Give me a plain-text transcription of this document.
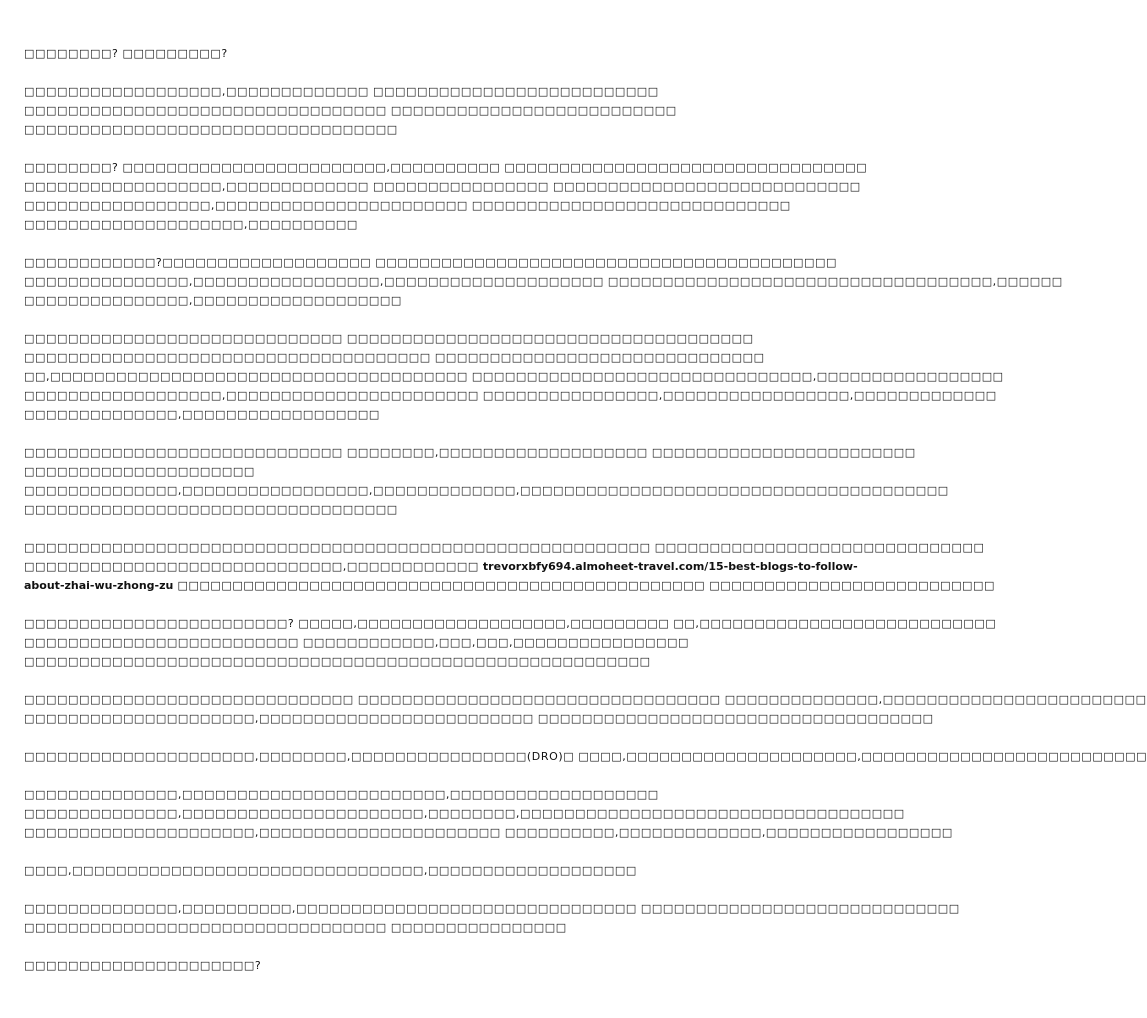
□□□□□□□□? □□□□□□□□□?

□□□□□□□□□□□□□□□□□□,□□□□□□□□□□□□□ □□□□□□□□□□□□□□□□□□□□□□□□□□
□□□□□□□□□□□□□□□□□□□□□□□□□□□□□□□□□ □□□□□□□□□□□□□□□□□□□□□□□□□□
□□□□□□□□□□□□□□□□□□□□□□□□□□□□□□□□□□

□□□□□□□□? □□□□□□□□□□□□□□□□□□□□□□□□,□□□□□□□□□□ □□□□□□□□□□□□□□□□□□□□□□□□□□□□□□□□□
□□□□□□□□□□□□□□□□□□,□□□□□□□□□□□□□ □□□□□□□□□□□□□□□□ □□□□□□□□□□□□□□□□□□□□□□□□□□□□
□□□□□□□□□□□□□□□□□,□□□□□□□□□□□□□□□□□□□□□□□ □□□□□□□□□□□□□□□□□□□□□□□□□□□□□
□□□□□□□□□□□□□□□□□□□□,□□□□□□□□□□

□□□□□□□□□□□□?□□□□□□□□□□□□□□□□□□□ □□□□□□□□□□□□□□□□□□□□□□□□□□□□□□□□□□□□□□□□□□
□□□□□□□□□□□□□□□,□□□□□□□□□□□□□□□□□,□□□□□□□□□□□□□□□□□□□□ □□□□□□□□□□□□□□□□□□□□□□□□□□□□□□□□□□□,□□□□□□
□□□□□□□□□□□□□□□,□□□□□□□□□□□□□□□□□□□

□□□□□□□□□□□□□□□□□□□□□□□□□□□□□ □□□□□□□□□□□□□□□□□□□□□□□□□□□□□□□□□□□□□
□□□□□□□□□□□□□□□□□□□□□□□□□□□□□□□□□□□□□ □□□□□□□□□□□□□□□□□□□□□□□□□□□□□□
□□,□□□□□□□□□□□□□□□□□□□□□□□□□□□□□□□□□□□□□□ □□□□□□□□□□□□□□□□□□□□□□□□□□□□□□□,□□□□□□□□□□□□□□□□□
□□□□□□□□□□□□□□□□□□,□□□□□□□□□□□□□□□□□□□□□□□ □□□□□□□□□□□□□□□□,□□□□□□□□□□□□□□□□□,□□□□□□□□□□□□□
□□□□□□□□□□□□□□,□□□□□□□□□□□□□□□□□□

□□□□□□□□□□□□□□□□□□□□□□□□□□□□□ □□□□□□□□,□□□□□□□□□□□□□□□□□□□ □□□□□□□□□□□□□□□□□□□□□□□□
□□□□□□□□□□□□□□□□□□□□□
□□□□□□□□□□□□□□,□□□□□□□□□□□□□□□□□,□□□□□□□□□□□□□,□□□□□□□□□□□□□□□□□□□□□□□□□□□□□□□□□□□□□□□
□□□□□□□□□□□□□□□□□□□□□□□□□□□□□□□□□□

□□□□□□□□□□□□□□□□□□□□□□□□□□□□□□□□□□□□□□□□□□□□□□□□□□□□□□□□□ □□□□□□□□□□□□□□□□□□□□□□□□□□□□□□
□□□□□□□□□□□□□□□□□□□□□□□□□□□□□,□□□□□□□□□□□□ trevorxbfy694.almoheet-travel.com/15-best-blogs-to-follow-
about-zhai-wu-zhong-zu □□□□□□□□□□□□□□□□□□□□□□□□□□□□□□□□□□□□□□□□□□□□□□□□ □□□□□□□□□□□□□□□□□□□□□□□□□□

□□□□□□□□□□□□□□□□□□□□□□□□? □□□□□,□□□□□□□□□□□□□□□□□□□,□□□□□□□□□ □□,□□□□□□□□□□□□□□□□□□□□□□□□□□□
□□□□□□□□□□□□□□□□□□□□□□□□□ □□□□□□□□□□□□,□□□,□□□,□□□□□□□□□□□□□□□□
□□□□□□□□□□□□□□□□□□□□□□□□□□□□□□□□□□□□□□□□□□□□□□□□□□□□□□□□□

□□□□□□□□□□□□□□□□□□□□□□□□□□□□□□ □□□□□□□□□□□□□□□□□□□□□□□□□□□□□□□□□ □□□□□□□□□□□□□□,□□□□□□□□□□□□□□□□□□□□□□□□
□□□□□□□□□□□□□□□□□□□□□,□□□□□□□□□□□□□□□□□□□□□□□□□ □□□□□□□□□□□□□□□□□□□□□□□□□□□□□□□□□□□□

□□□□□□□□□□□□□□□□□□□□□,□□□□□□□□,□□□□□□□□□□□□□□□□(DRO)□ □□□□,□□□□□□□□□□□□□□□□□□□□□,□□□□□□□□□□□□□□□□□□□□□□□□□□

□□□□□□□□□□□□□□,□□□□□□□□□□□□□□□□□□□□□□□□,□□□□□□□□□□□□□□□□□□□
□□□□□□□□□□□□□□,□□□□□□□□□□□□□□□□□□□□□□,□□□□□□□□,□□□□□□□□□□□□□□□□□□□□□□□□□□□□□□□□□□□
□□□□□□□□□□□□□□□□□□□□□,□□□□□□□□□□□□□□□□□□□□□□ □□□□□□□□□□,□□□□□□□□□□□□□,□□□□□□□□□□□□□□□□□

□□□□,□□□□□□□□□□□□□□□□□□□□□□□□□□□□□□□□,□□□□□□□□□□□□□□□□□□□

□□□□□□□□□□□□□□,□□□□□□□□□□,□□□□□□□□□□□□□□□□□□□□□□□□□□□□□□□ □□□□□□□□□□□□□□□□□□□□□□□□□□□□□
□□□□□□□□□□□□□□□□□□□□□□□□□□□□□□□□□ □□□□□□□□□□□□□□□□

□□□□□□□□□□□□□□□□□□□□□?
